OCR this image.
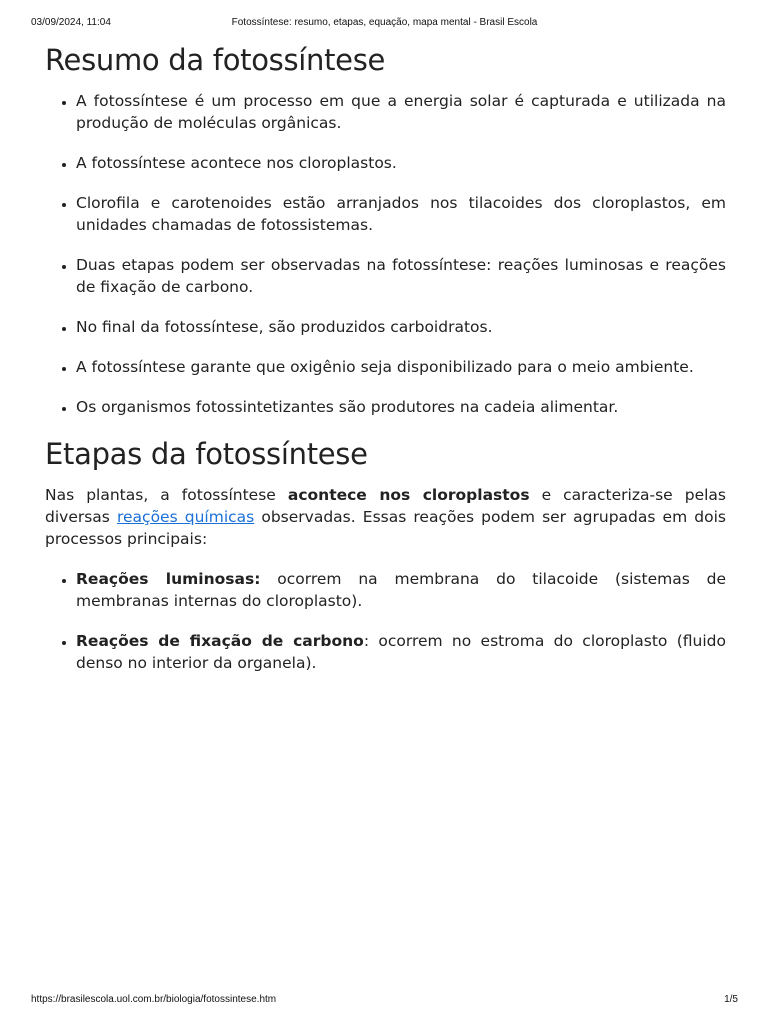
03/09/2024, 11:04	Fotossíntese: resumo, etapas, equação, mapa mental - Brasil Escola
Resumo da fotossíntese
• A fotossíntese é um processo em que a energia solar é capturada e utilizada na produção de moléculas orgânicas.
• A fotossíntese acontece nos cloroplastos.
• Clorofila e carotenoides estão arranjados nos tilacoides dos cloroplastos, em unidades chamadas de fotossistemas.
• Duas etapas podem ser observadas na fotossíntese: reações luminosas e reações de fixação de carbono.
• No final da fotossíntese, são produzidos carboidratos.
• A fotossíntese garante que oxigênio seja disponibilizado para o meio ambiente.
• Os organismos fotossintetizantes são produtores na cadeia alimentar.
Etapas da fotossíntese

Nas plantas, a fotossíntese acontece nos cloroplastos e caracteriza-se pelas diversas reações químicas observadas. Essas reações podem ser agrupadas em dois processos principais:

• Reações luminosas: ocorrem na membrana do tilacoide (sistemas de membranas internas do cloroplasto).
• Reações de fixação de carbono: ocorrem no estroma do cloroplasto (fluido denso no interior da organela).
https://brasilescola.uol.com.br/biologia/fotossintese.htm	1/5
